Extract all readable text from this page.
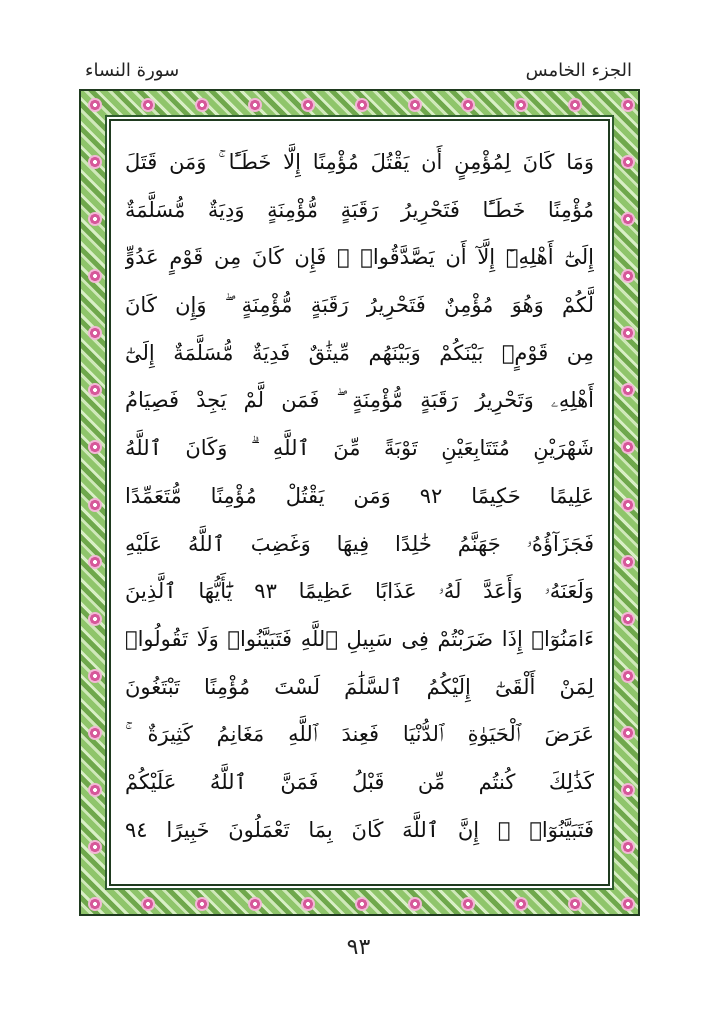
الجزء الخامس
سورة النساء
وَمَا كَانَ لِمُؤْمِنٍ أَن يَقْتُلَ مُؤْمِنًا إِلَّا خَطَـًٔا ۚ وَمَن قَتَلَ
مُؤْمِنًا خَطَـًٔا فَتَحْرِيرُ رَقَبَةٍ مُّؤْمِنَةٍ وَدِيَةٌ مُّسَلَّمَةٌ
إِلَىٰٓ أَهْلِهِۦٓ إِلَّآ أَن يَصَّدَّقُوا۟ ۚ فَإِن كَانَ مِن قَوْمٍ عَدُوٍّ
لَّكُمْ وَهُوَ مُؤْمِنٌ فَتَحْرِيرُ رَقَبَةٍ مُّؤْمِنَةٍ ۖ وَإِن كَانَ
مِن قَوْمٍۭ بَيْنَكُمْ وَبَيْنَهُم مِّيثَٰقٌ فَدِيَةٌ مُّسَلَّمَةٌ إِلَىٰٓ
أَهْلِهِۦ وَتَحْرِيرُ رَقَبَةٍ مُّؤْمِنَةٍ ۖ فَمَن لَّمْ يَجِدْ فَصِيَامُ
شَهْرَيْنِ مُتَتَابِعَيْنِ تَوْبَةً مِّنَ ٱللَّهِ ۗ وَكَانَ ٱللَّهُ
عَلِيمًا حَكِيمًا ٩٢ وَمَن يَقْتُلْ مُؤْمِنًا مُّتَعَمِّدًا
فَجَزَآؤُهُۥ جَهَنَّمُ خَٰلِدًا فِيهَا وَغَضِبَ ٱللَّهُ عَلَيْهِ
وَلَعَنَهُۥ وَأَعَدَّ لَهُۥ عَذَابًا عَظِيمًا ٩٣ يَٰٓأَيُّهَا ٱلَّذِينَ
ءَامَنُوٓا۟ إِذَا ضَرَبْتُمْ فِى سَبِيلِ ٱللَّهِ فَتَبَيَّنُوا۟ وَلَا تَقُولُوا۟
لِمَنْ أَلْقَىٰٓ إِلَيْكُمُ ٱلسَّلَٰمَ لَسْتَ مُؤْمِنًا تَبْتَغُونَ
عَرَضَ ٱلْحَيَوٰةِ ٱلدُّنْيَا فَعِندَ ٱللَّهِ مَغَانِمُ كَثِيرَةٌ ۚ
كَذَٰلِكَ كُنتُم مِّن قَبْلُ فَمَنَّ ٱللَّهُ عَلَيْكُمْ
فَتَبَيَّنُوٓا۟ ۚ إِنَّ ٱللَّهَ كَانَ بِمَا تَعْمَلُونَ خَبِيرًا ٩٤
٩٣
